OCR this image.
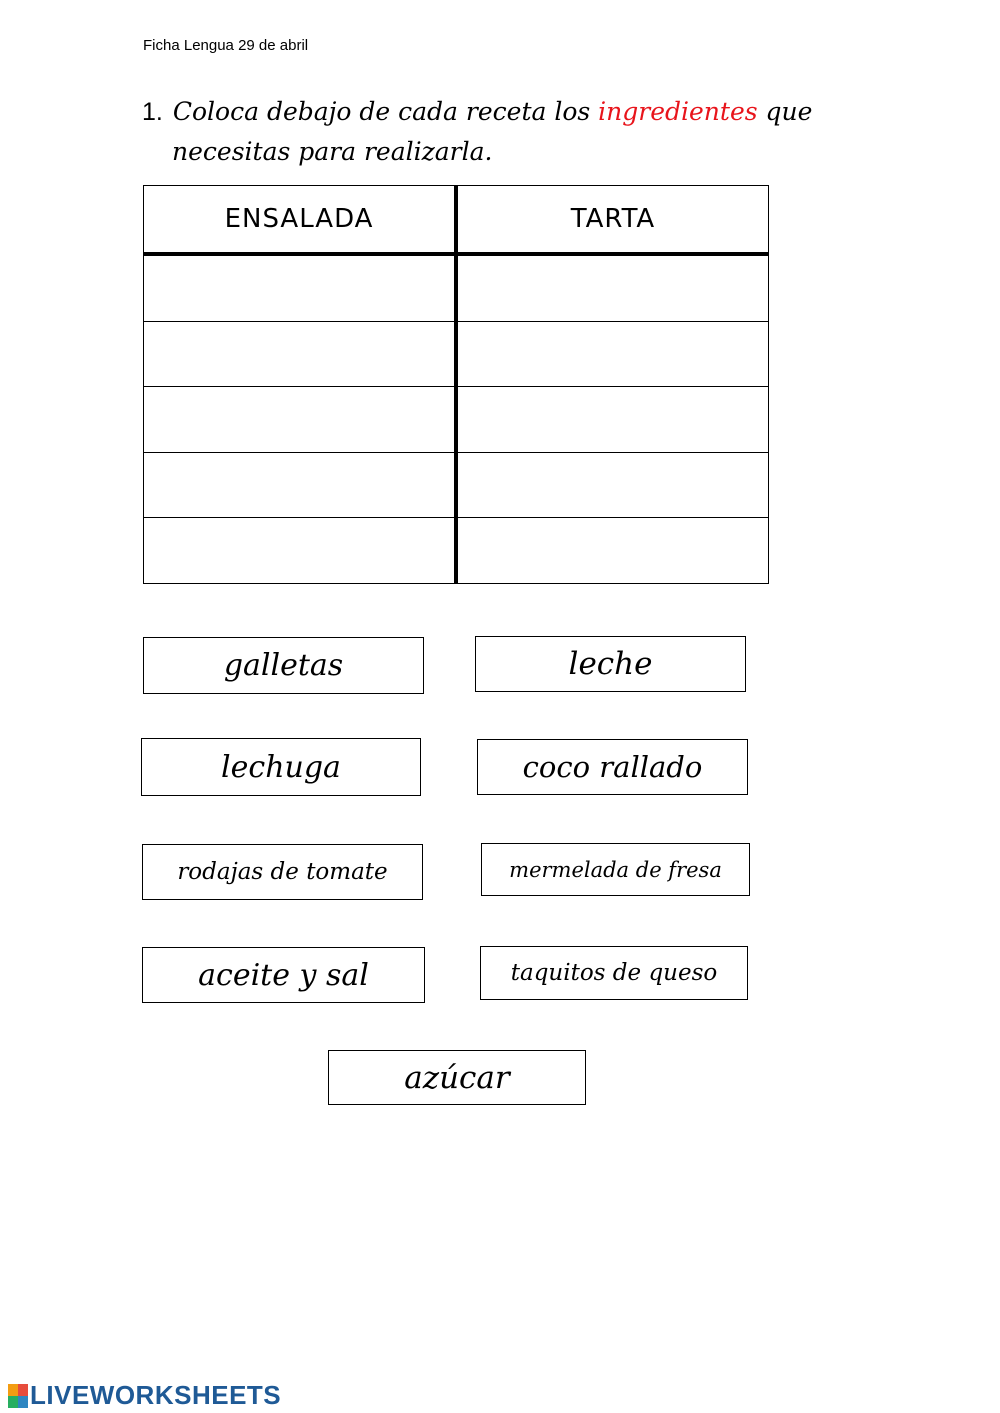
Ficha Lengua 29 de abril
1. Coloca debajo de cada receta los ingredientes que
necesitas para realizarla.
ENSALADA	TARTA

galletas	leche
lechuga	coco rallado
rodajas de tomate	mermelada de fresa
aceite y sal	taquitos de queso
azúcar
LIVEWORKSHEETS
